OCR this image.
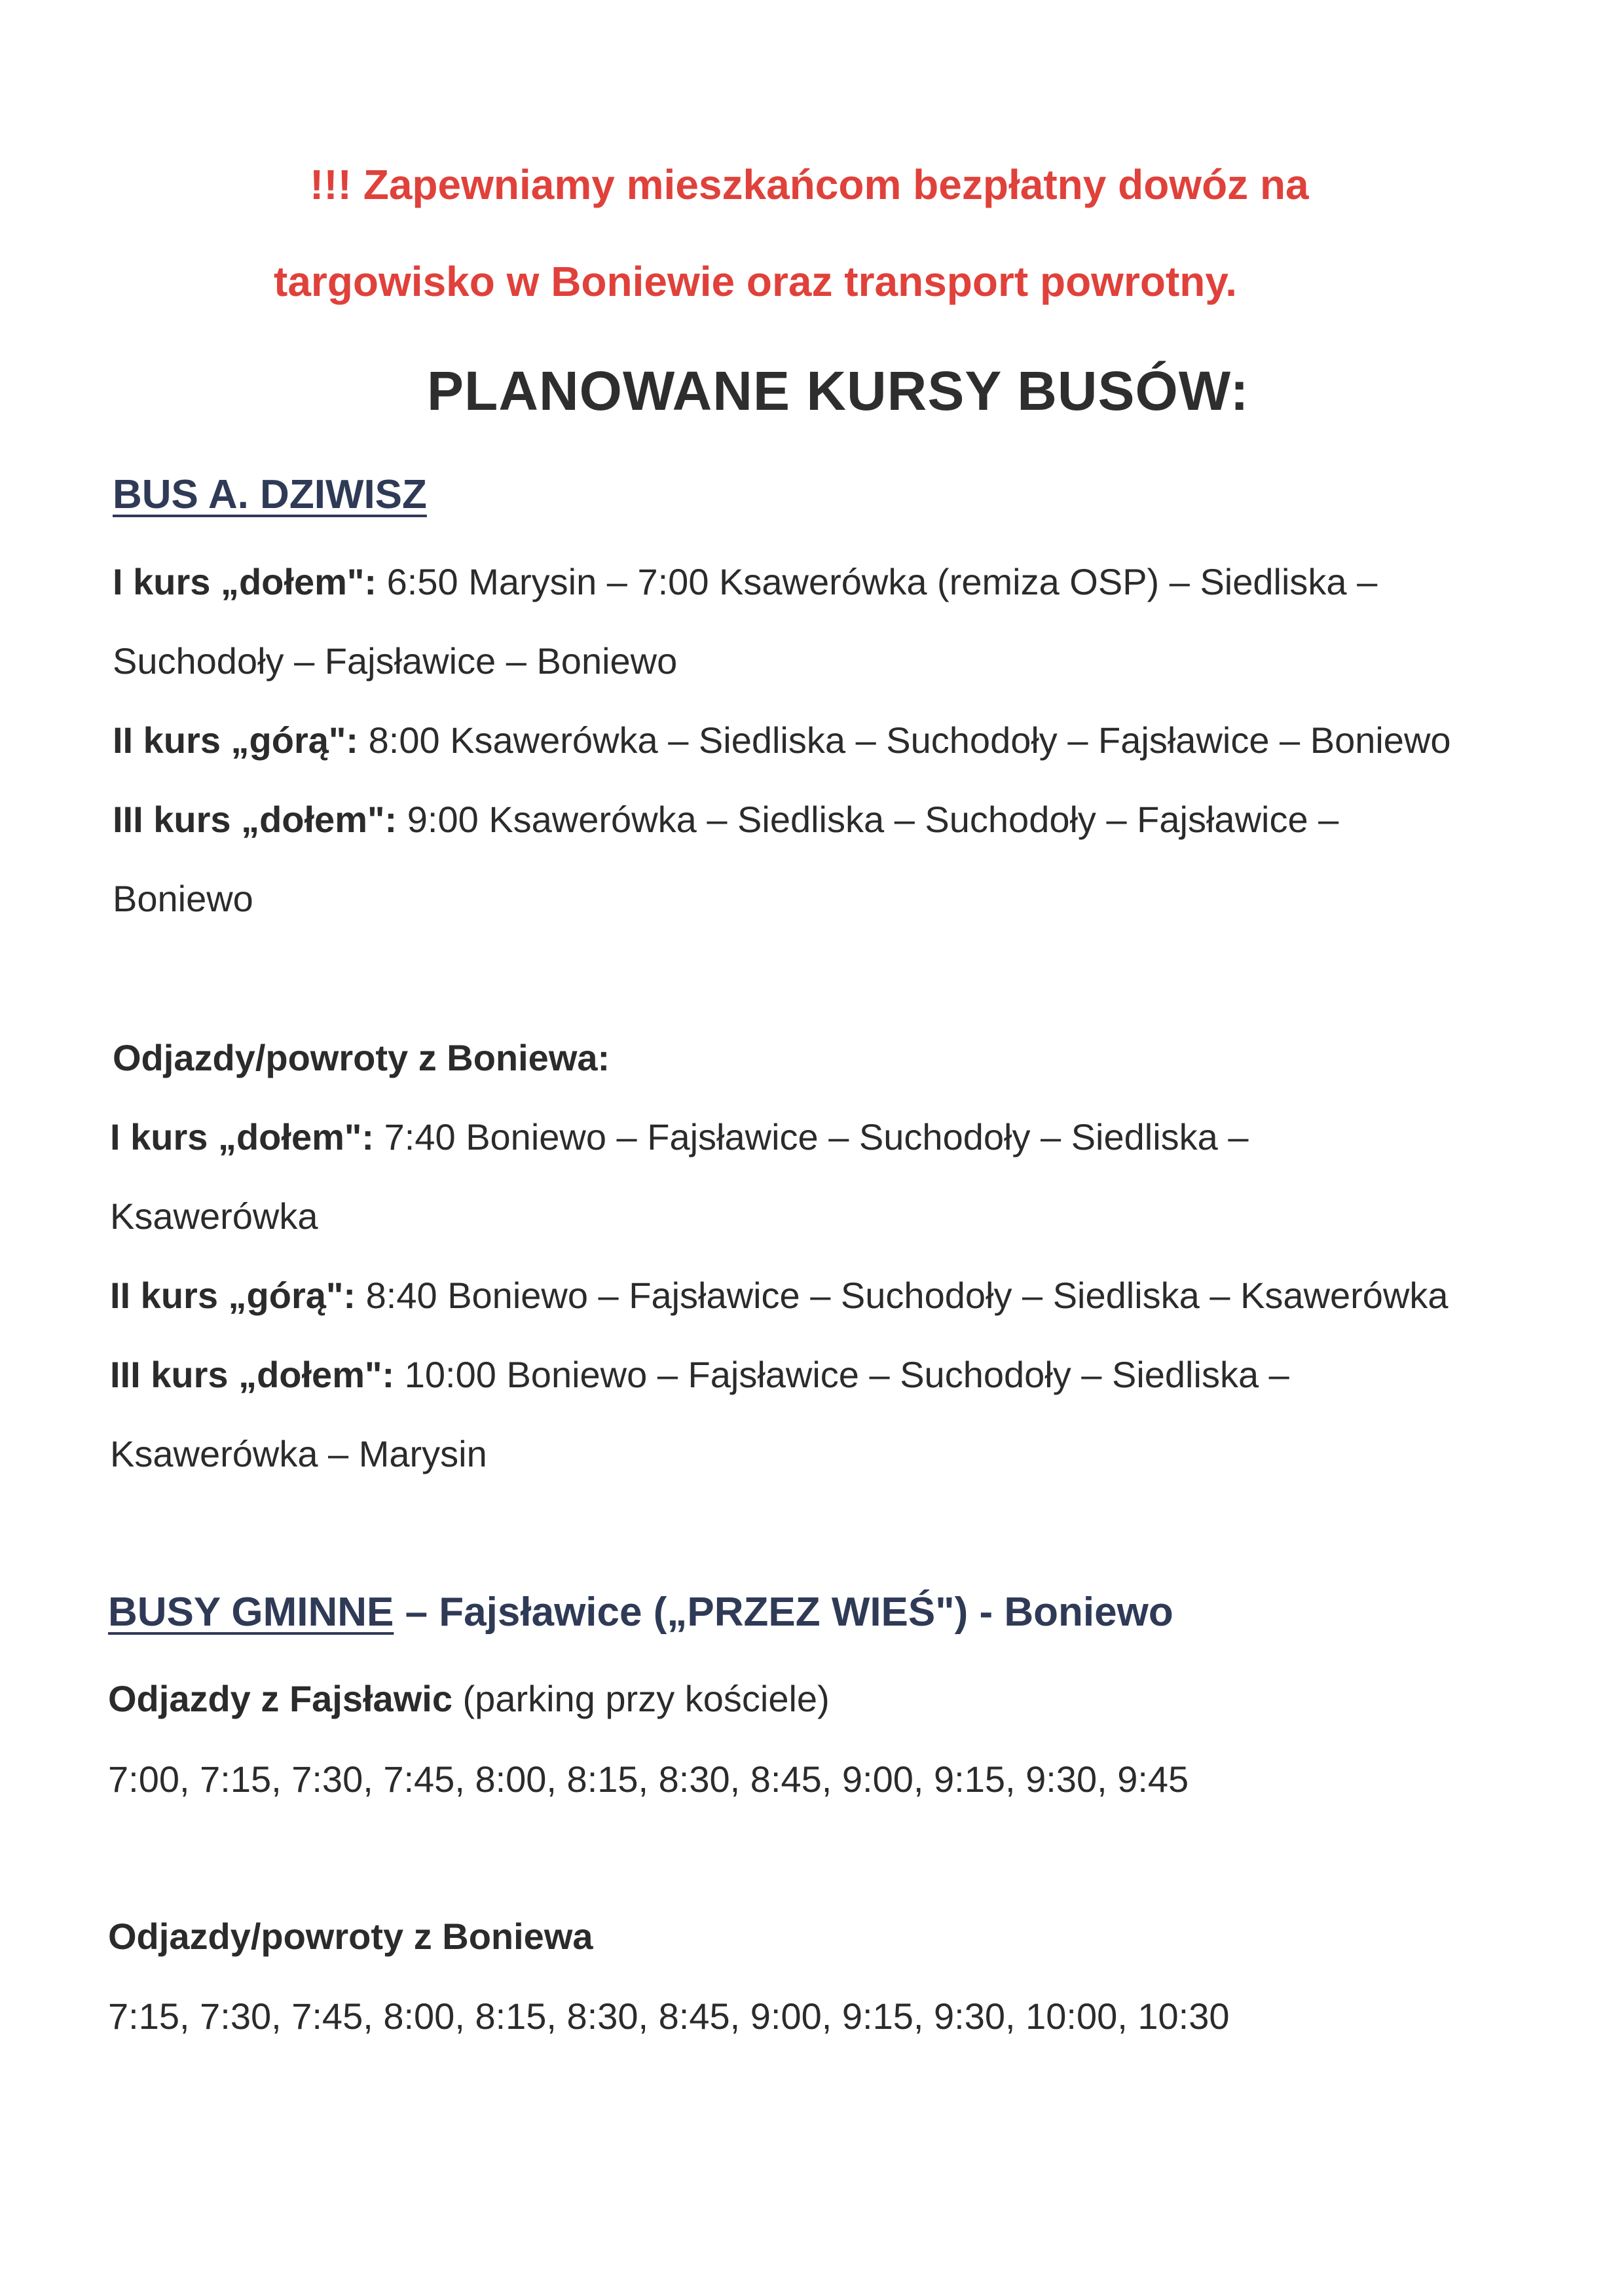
!!! Zapewniamy mieszkańcom bezpłatny dowóz na
targowisko w Boniewie oraz transport powrotny.
PLANOWANE KURSY BUSÓW:
BUS A. DZIWISZ
I kurs „dołem": 6:50 Marysin – 7:00 Ksawerówka (remiza OSP) – Siedliska –
Suchodoły – Fajsławice – Boniewo
II kurs „górą": 8:00 Ksawerówka – Siedliska – Suchodoły – Fajsławice – Boniewo
III kurs „dołem": 9:00 Ksawerówka – Siedliska – Suchodoły – Fajsławice –
Boniewo
Odjazdy/powroty z Boniewa:
I kurs „dołem": 7:40 Boniewo – Fajsławice – Suchodoły – Siedliska –
Ksawerówka
II kurs „górą": 8:40 Boniewo – Fajsławice – Suchodoły – Siedliska – Ksawerówka
III kurs „dołem": 10:00 Boniewo – Fajsławice – Suchodoły – Siedliska –
Ksawerówka – Marysin
BUSY GMINNE – Fajsławice („PRZEZ WIEŚ") - Boniewo
Odjazdy z Fajsławic (parking przy kościele)
7:00, 7:15, 7:30, 7:45, 8:00, 8:15, 8:30, 8:45, 9:00, 9:15, 9:30, 9:45
Odjazdy/powroty z Boniewa
7:15, 7:30, 7:45, 8:00, 8:15, 8:30, 8:45, 9:00, 9:15, 9:30, 10:00, 10:30
